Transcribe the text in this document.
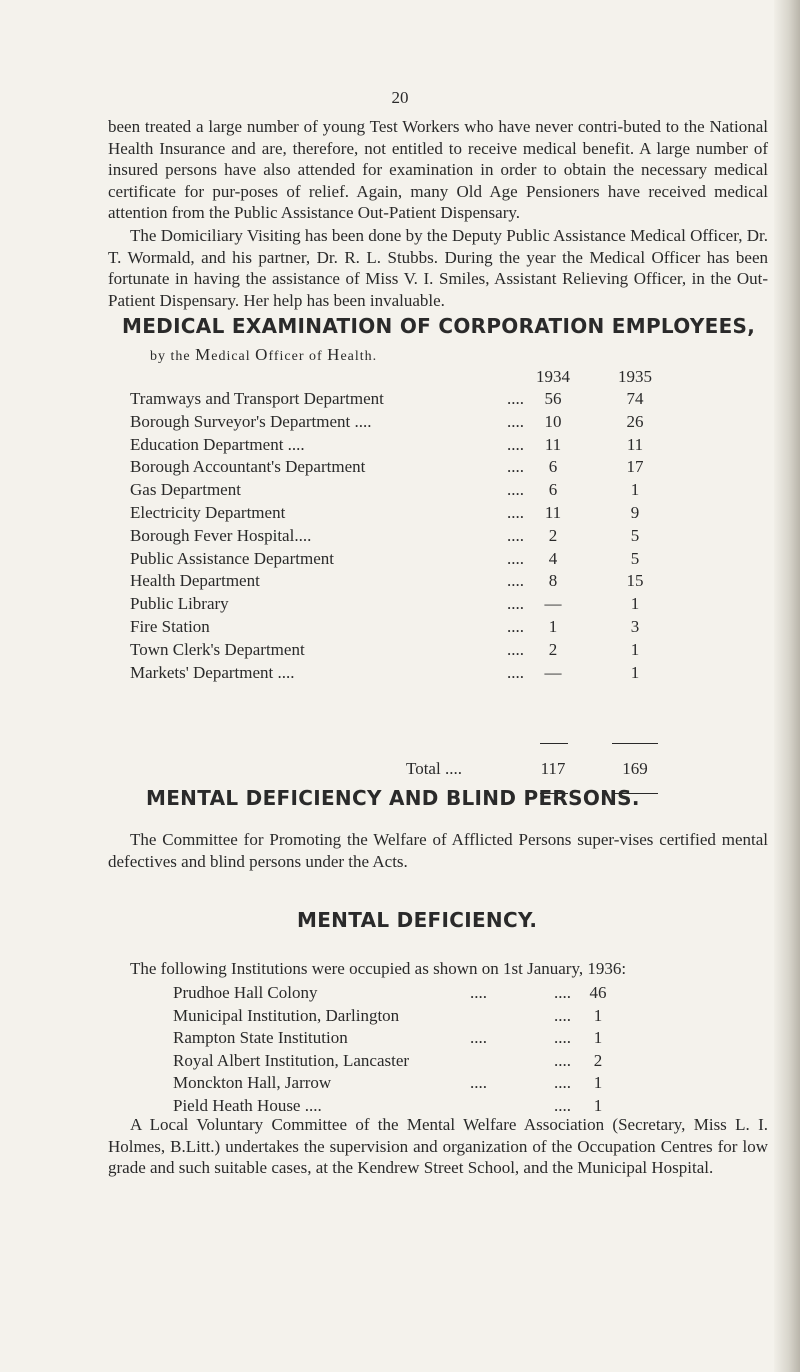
20

been treated a large number of young Test Workers who have never contri-buted to the National Health Insurance and are, therefore, not entitled to receive medical benefit. A large number of insured persons have also attended for examination in order to obtain the necessary medical certificate for pur-poses of relief. Again, many Old Age Pensioners have received medical attention from the Public Assistance Out-Patient Dispensary.

The Domiciliary Visiting has been done by the Deputy Public Assistance Medical Officer, Dr. T. Wormald, and his partner, Dr. R. L. Stubbs. During the year the Medical Officer has been fortunate in having the assistance of Miss V. I. Smiles, Assistant Relieving Officer, in the Out-Patient Dispensary. Her help has been invaluable.

MEDICAL EXAMINATION OF CORPORATION EMPLOYEES,
by the Medical Officer of Health.
1934	1935
Tramways and Transport Department	....	56	74
Borough Surveyor's Department ....	....	10	26
Education Department ....	....	11	11
Borough Accountant's Department	....	6	17
Gas Department	....	6	1
Electricity Department	....	11	9
Borough Fever Hospital....	....	2	5
Public Assistance Department	....	4	5
Health Department	....	8	15
Public Library	....	—	1
Fire Station	....	1	3
Town Clerk's Department	....	2	1
Markets' Department ....	....	—	1
Total ....	117	169
MENTAL DEFICIENCY AND BLIND PERSONS.

The Committee for Promoting the Welfare of Afflicted Persons super-vises certified mental defectives and blind persons under the Acts.

MENTAL DEFICIENCY.
The following Institutions were occupied as shown on 1st January, 1936:
Prudhoe Hall Colony	....	....	46
Municipal Institution, Darlington	....	1
Rampton State Institution	....	....	1
Royal Albert Institution, Lancaster	....	2
Monckton Hall, Jarrow	....	....	1
Pield Heath House ....	....	1

A Local Voluntary Committee of the Mental Welfare Association (Secretary, Miss L. I. Holmes, B.Litt.) undertakes the supervision and organization of the Occupation Centres for low grade and such suitable cases, at the Kendrew Street School, and the Municipal Hospital.
